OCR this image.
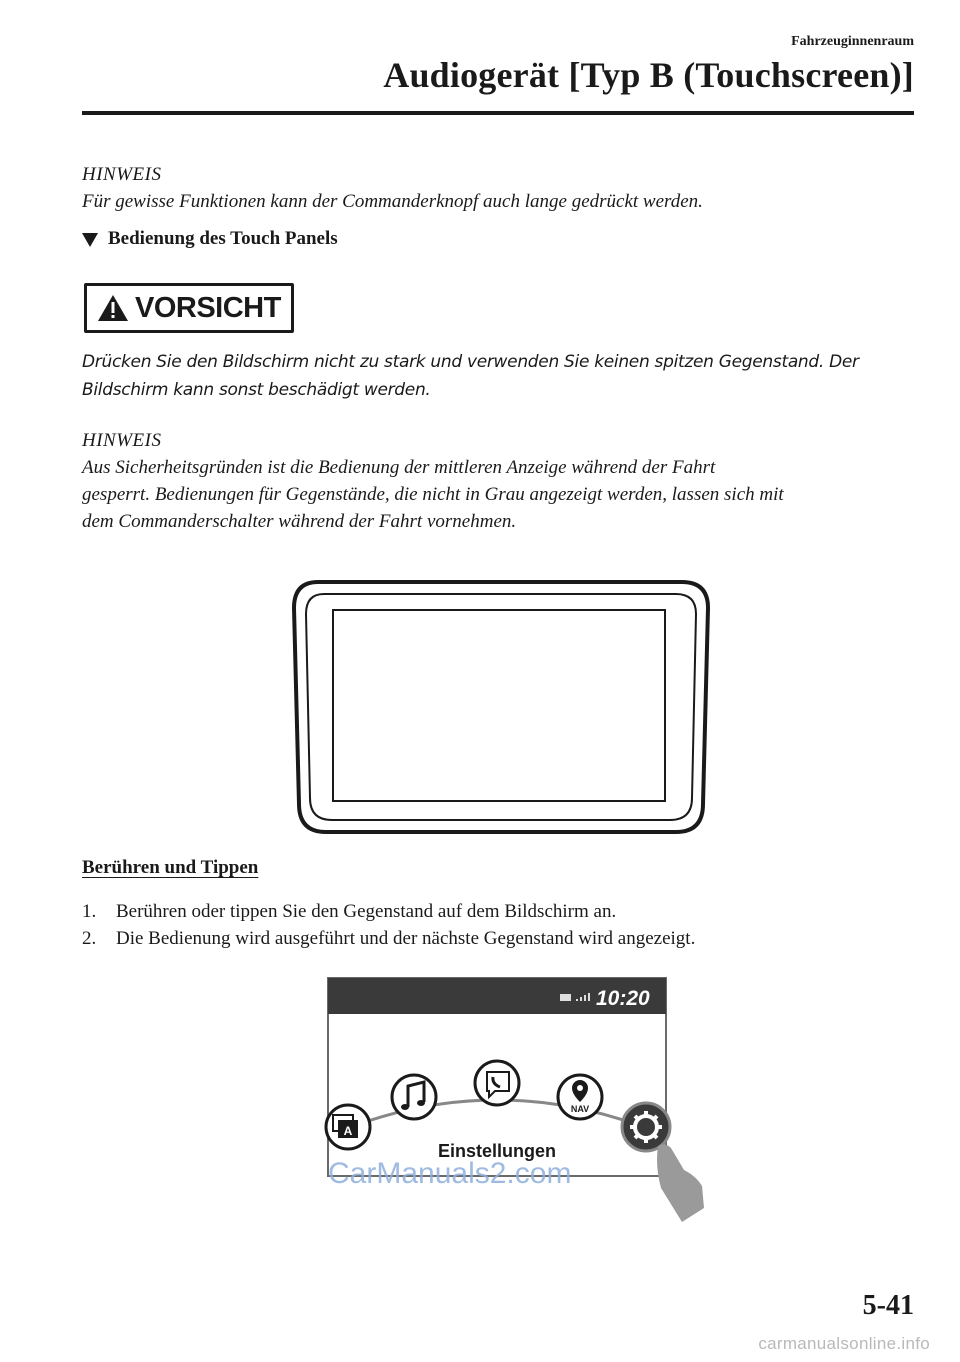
Fahrzeuginnenraum
Audiogerät [Typ B (Touchscreen)]
HINWEIS
Für gewisse Funktionen kann der Commanderknopf auch lange gedrückt werden.
Bedienung des Touch Panels
VORSICHT
Drücken Sie den Bildschirm nicht zu stark und verwenden Sie keinen spitzen Gegenstand. Der
Bildschirm kann sonst beschädigt werden.
HINWEIS
Aus Sicherheitsgründen ist die Bedienung der mittleren Anzeige während der Fahrt
gesperrt. Bedienungen für Gegenstände, die nicht in Grau angezeigt werden, lassen sich mit
dem Commanderschalter während der Fahrt vornehmen.
Berühren und Tippen
1.	Berühren oder tippen Sie den Gegenstand auf dem Bildschirm an.
2.	Die Bedienung wird ausgeführt und der nächste Gegenstand wird angezeigt.
10:20
A
NAV
Einstellungen
CarManuals2.com
5-41
carmanualsonline.info
